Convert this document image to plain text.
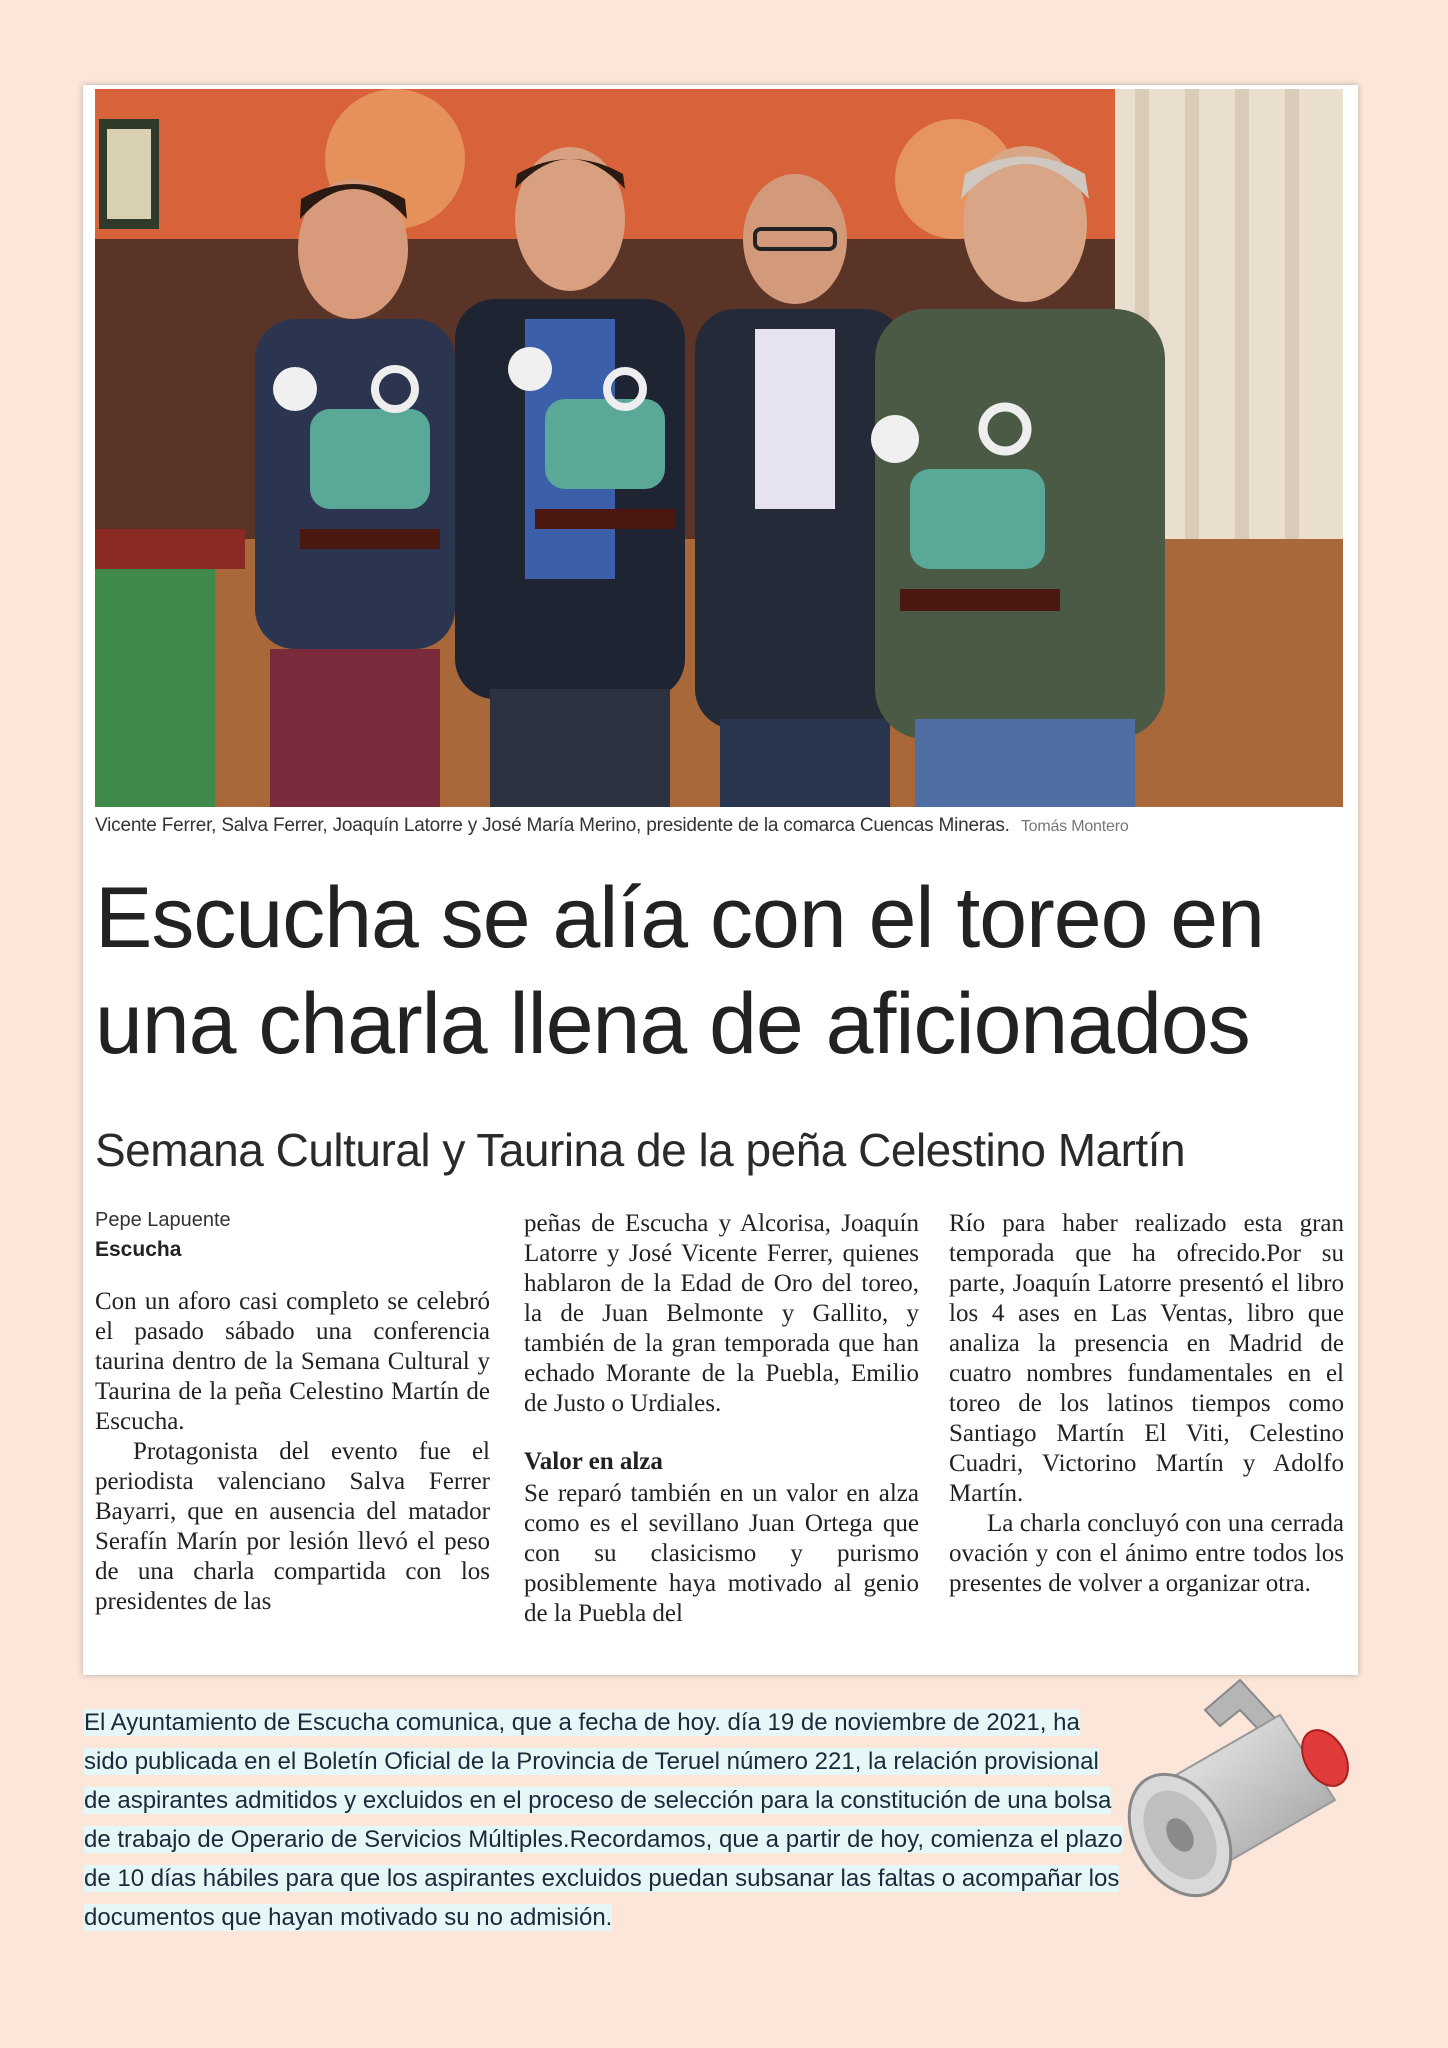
Vicente Ferrer, Salva Ferrer, Joaquín Latorre y José María Merino, presidente de la comarca Cuencas Mineras. Tomás Montero
Escucha se alía con el toreo en
una charla llena de aficionados
Semana Cultural y Taurina de la peña Celestino Martín
Pepe Lapuente
Escucha

Con un aforo casi completo se celebró el pasado sábado una conferencia taurina dentro de la Semana Cultural y Taurina de la peña Celestino Martín de Escucha.

Protagonista del evento fue el periodista valenciano Salva Ferrer Bayarri, que en ausencia del matador Serafín Marín por lesión llevó el peso de una charla compartida con los presidentes de las

peñas de Escucha y Alcorisa, Joaquín Latorre y José Vicente Ferrer, quienes hablaron de la Edad de Oro del toreo, la de Juan Belmonte y Gallito, y también de la gran temporada que han echado Morante de la Puebla, Emilio de Justo o Urdiales.

Valor en alza

Se reparó también en un valor en alza como es el sevillano Juan Ortega que con su clasicismo y purismo posiblemente haya motivado al genio de la Puebla del

Río para haber realizado esta gran temporada que ha ofrecido.Por su parte, Joaquín Latorre presentó el libro los 4 ases en Las Ventas, libro que analiza la presencia en Madrid de cuatro nombres fundamentales en el toreo de los latinos tiempos como Santiago Martín El Viti, Celestino Cuadri, Victorino Martín y Adolfo Martín.

La charla concluyó con una cerrada ovación y con el ánimo entre todos los presentes de volver a organizar otra.

El Ayuntamiento de Escucha comunica, que a fecha de hoy. día 19 de noviembre de 2021, ha sido publicada en el Boletín Oficial de la Provincia de Teruel número 221, la relación provisional de aspirantes admitidos y excluidos en el proceso de selección para la constitución de una bolsa de trabajo de Operario de Servicios Múltiples.Recordamos, que a partir de hoy, comienza el plazo de 10 días hábiles para que los aspirantes excluidos puedan subsanar las faltas o acompañar los documentos que hayan motivado su no admisión.
